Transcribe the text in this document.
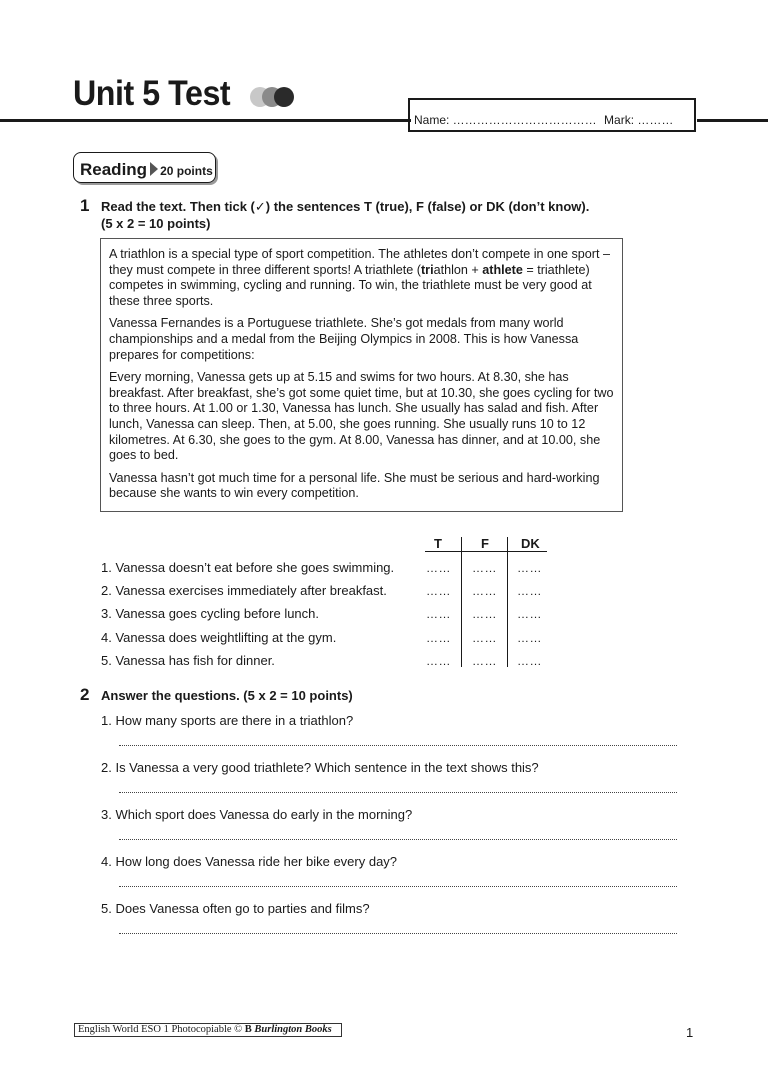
Unit 5 Test
Name: ……………………………… Mark: ………
Reading 20 points
1 Read the text. Then tick (✓) the sentences T (true), F (false) or DK (don’t know).
(5 x 2 = 10 points)

A triathlon is a special type of sport competition. The athletes don’t compete in one sport – they must compete in three different sports! A triathlete (triathlon + athlete = triathlete) competes in swimming, cycling and running. To win, the triathlete must be very good at these three sports.

Vanessa Fernandes is a Portuguese triathlete. She’s got medals from many world championships and a medal from the Beijing Olympics in 2008. This is how Vanessa prepares for competitions:

Every morning, Vanessa gets up at 5.15 and swims for two hours. At 8.30, she has breakfast. After breakfast, she’s got some quiet time, but at 10.30, she goes cycling for two to three hours. At 1.00 or 1.30, Vanessa has lunch. She usually has salad and fish. After lunch, Vanessa can sleep. Then, at 5.00, she goes running. She usually runs 10 to 12 kilometres. At 6.30, she goes to the gym. At 8.00, Vanessa has dinner, and at 10.00, she goes to bed.

Vanessa hasn’t got much time for a personal life. She must be serious and hard-working because she wants to win every competition.

T	F DK
1. Vanessa doesn’t eat before she goes swimming.	…… …… ……
2. Vanessa exercises immediately after breakfast.	…… …… ……
3. Vanessa goes cycling before lunch.	…… …… ……
4. Vanessa does weightlifting at the gym.	…… …… ……
5. Vanessa has fish for dinner.	…… …… ……
2 Answer the questions. (5 x 2 = 10 points)
1. How many sports are there in a triathlon?
2. Is Vanessa a very good triathlete? Which sentence in the text shows this?
3. Which sport does Vanessa do early in the morning?
4. How long does Vanessa ride her bike every day?
5. Does Vanessa often go to parties and films?
English World ESO 1 Photocopiable © B Burlington Books	1
